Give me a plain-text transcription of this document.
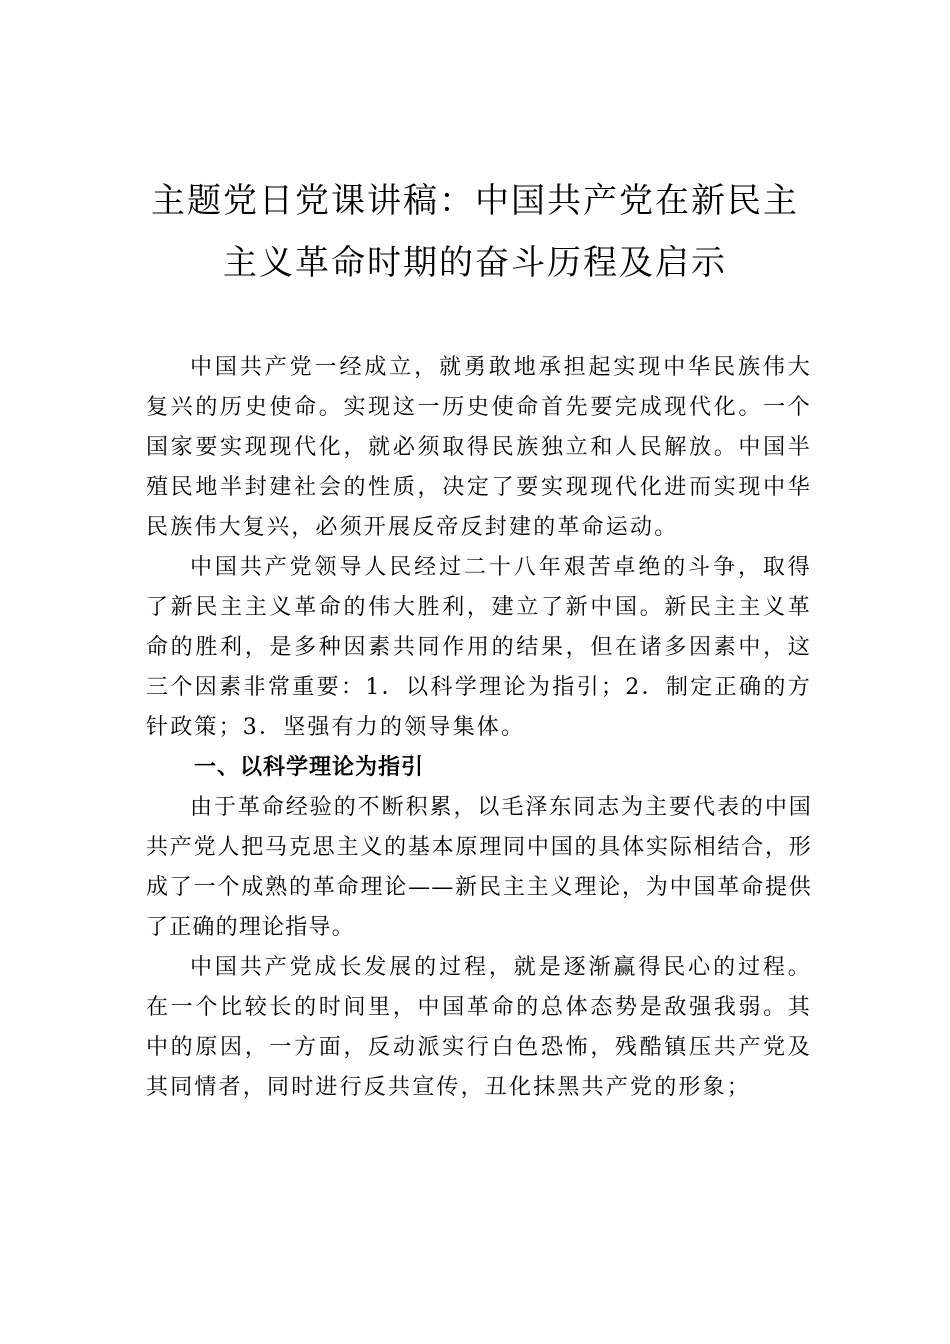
主题党日党课讲稿：中国共产党在新民主
主义革命时期的奋斗历程及启示

中国共产党一经成立，就勇敢地承担起实现中华民族伟大复兴的历史使命。实现这一历史使命首先要完成现代化。一个国家要实现现代化，就必须取得民族独立和人民解放。中国半殖民地半封建社会的性质，决定了要实现现代化进而实现中华民族伟大复兴，必须开展反帝反封建的革命运动。

中国共产党领导人民经过二十八年艰苦卓绝的斗争，取得了新民主主义革命的伟大胜利，建立了新中国。新民主主义革命的胜利，是多种因素共同作用的结果，但在诸多因素中，这三个因素非常重要：1．以科学理论为指引；2．制定正确的方针政策；3．坚强有力的领导集体。

一、以科学理论为指引

由于革命经验的不断积累，以毛泽东同志为主要代表的中国共产党人把马克思主义的基本原理同中国的具体实际相结合，形成了一个成熟的革命理论——新民主主义理论，为中国革命提供了正确的理论指导。

中国共产党成长发展的过程，就是逐渐赢得民心的过程。在一个比较长的时间里，中国革命的总体态势是敌强我弱。其中的原因，一方面，反动派实行白色恐怖，残酷镇压共产党及其同情者，同时进行反共宣传，丑化抹黑共产党的形象；
